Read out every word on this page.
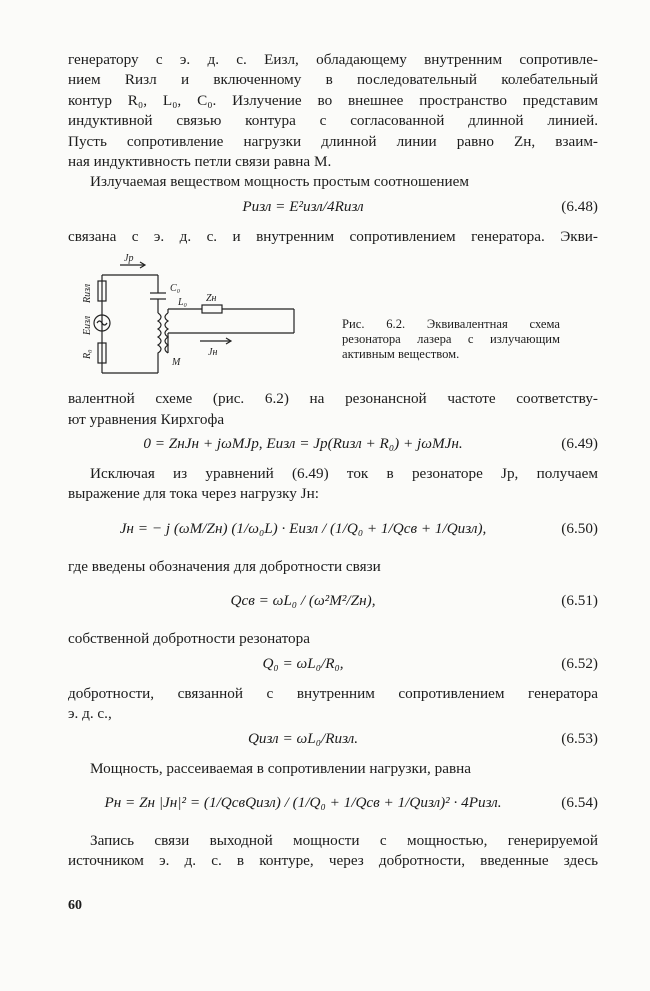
генератору с э. д. с. Eизл, обладающему внутренним сопротивле-
нием Rизл и включенному в последовательный колебательный
контур R₀, L₀, C₀. Излучение во внешнее пространство представим
индуктивной связью контура с согласованной длинной линией.
Пусть сопротивление нагрузки длинной линии равно Zн, взаим-
ная индуктивность петли связи равна M.

Излучаемая веществом мощность простым соотношением

Pизл = E²изл/4Rизл	(6.48)

связана с э. д. с. и внутренним сопротивлением генератора. Экви-

Jр
C₀
L₀ Zн
Rизл
Eизл
R₀
M
Jн
Рис. 6.2. Эквивалентная схема резонатора лазера с излучающим активным веществом.

валентной схеме (рис. 6.2) на резонансной частоте соответству-
ют уравнения Кирхгофа

0 = ZнJн + jωMJр, Eизл = Jр(Rизл + R₀) + jωMJн.	(6.49)

Исключая из уравнений (6.49) ток в резонаторе Jр, получаем
выражение для тока через нагрузку Jн:

Jн = − j (ωM/Zн) (1/ω₀L) · Eизл / (1/Q₀ + 1/Qсв + 1/Qизл),	(6.50)

где введены обозначения для добротности связи

Qсв = ωL₀ / (ω²M²/Zн),	(6.51)

собственной добротности резонатора

Q₀ = ωL₀/R₀,	(6.52)

добротности, связанной с внутренним сопротивлением генератора
э. д. с.,

Qизл = ωL₀/Rизл.	(6.53)

Мощность, рассеиваемая в сопротивлении нагрузки, равна

Pн = Zн |Jн|² = (1/QсвQизл) / (1/Q₀ + 1/Qсв + 1/Qизл)² · 4Pизл.	(6.54)

Запись связи выходной мощности с мощностью, генерируемой
источником э. д. с. в контуре, через добротности, введенные здесь

60
